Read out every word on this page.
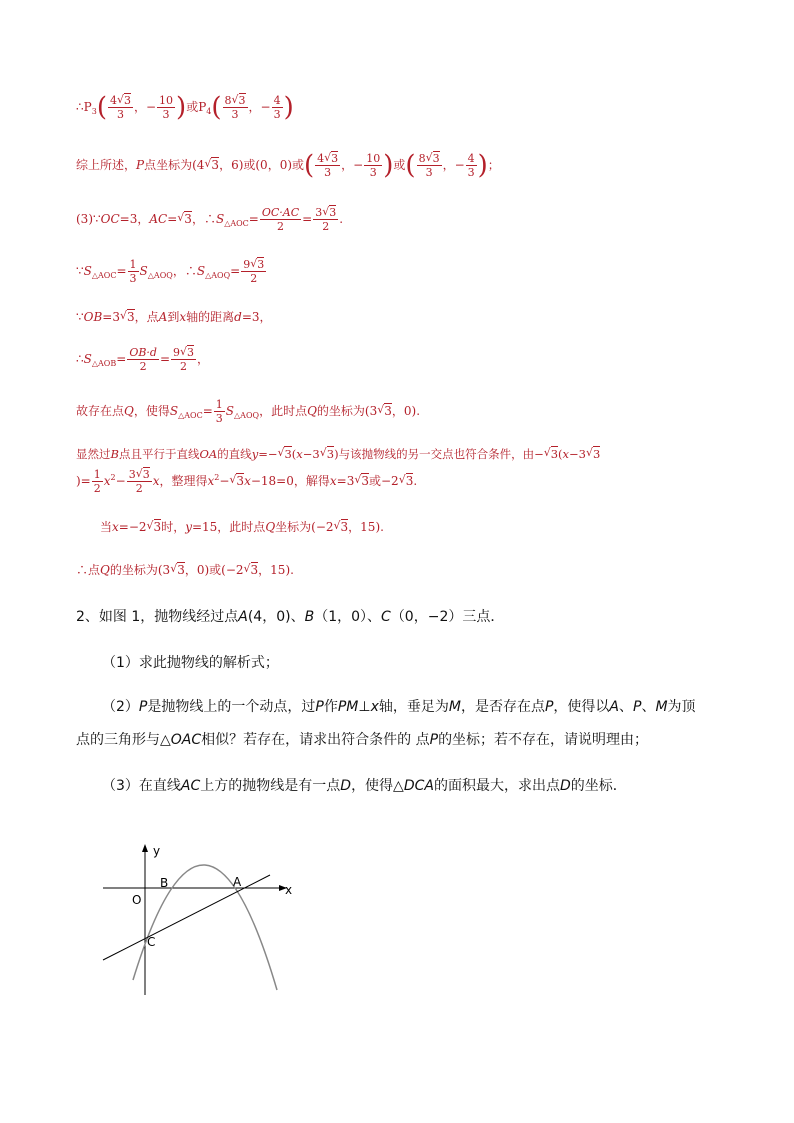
$\therefore P_3( \frac{4√ 3}{3}$ ，− $\frac{10}{3}$ )或$P_4( \frac{8√ 3}{3}$ ，− $\frac{4}{3}$ )
综上所述，P点坐标为(4√ 3，6)或(0，0)或( $\frac{4√ 3}{3}$ ，− $\frac{10}{3}$ )或( $\frac{8√ 3}{3}$ ，− $\frac{4}{3}$ )；
(3)∵OC=3，AC=√ 3，$\therefore S_{\triangle AOC}= \frac{OC\cdot AC}{2} = \frac{3√ 3}{2}$ .
$\because S_{\triangle AOC}= \frac{1}{3} S_{\triangle AOQ}$，$\therefore S_{\triangle AOQ}= \frac{9√ 3}{2}$
∵OB=3√ 3，点A到x轴的距离d=3，
$\therefore S_{\triangle AOB}= \frac{OB\cdot d}{2} = \frac{9√ 3}{2}$ ，
故存在点Q，使得$S_{\triangle AOC}= \frac{1}{3} S_{\triangle AOQ}$，此时点Q的坐标为(3√ 3，0).
显然过B点且平行于直线OA的直线y=−√ 3(x−3√ 3)与该抛物线的另一交点也符合条件，由−√ 3(x−3√ 3
)= $\frac{1}{2} x^2- \frac{3√ 3}{2}$ x，整理得$x^2-√$ 3x−18=0，解得x=3√ 3或−2√ 3.
当x=−2√ 3时，y=15，此时点Q坐标为(−2√ 3，15).
∴点Q的坐标为(3√ 3，0)或(−2√ 3，15).
2、如图 1，抛物线经过点A(4，0)、B（1，0）、C（0，−2）三点．
（1）求此抛物线的解析式；
（2）P是抛物线上的一个动点，过P作PM⊥x轴，垂足为M，是否存在点P，使得以A、P、M为顶
点的三角形与△OAC相似？若存在，请求出符合条件的 点P的坐标；若不存在，请说明理由；
（3）在直线AC上方的抛物线是有一点D，使得△DCA的面积最大，求出点D的坐标．
y
x
O
B	A
C
